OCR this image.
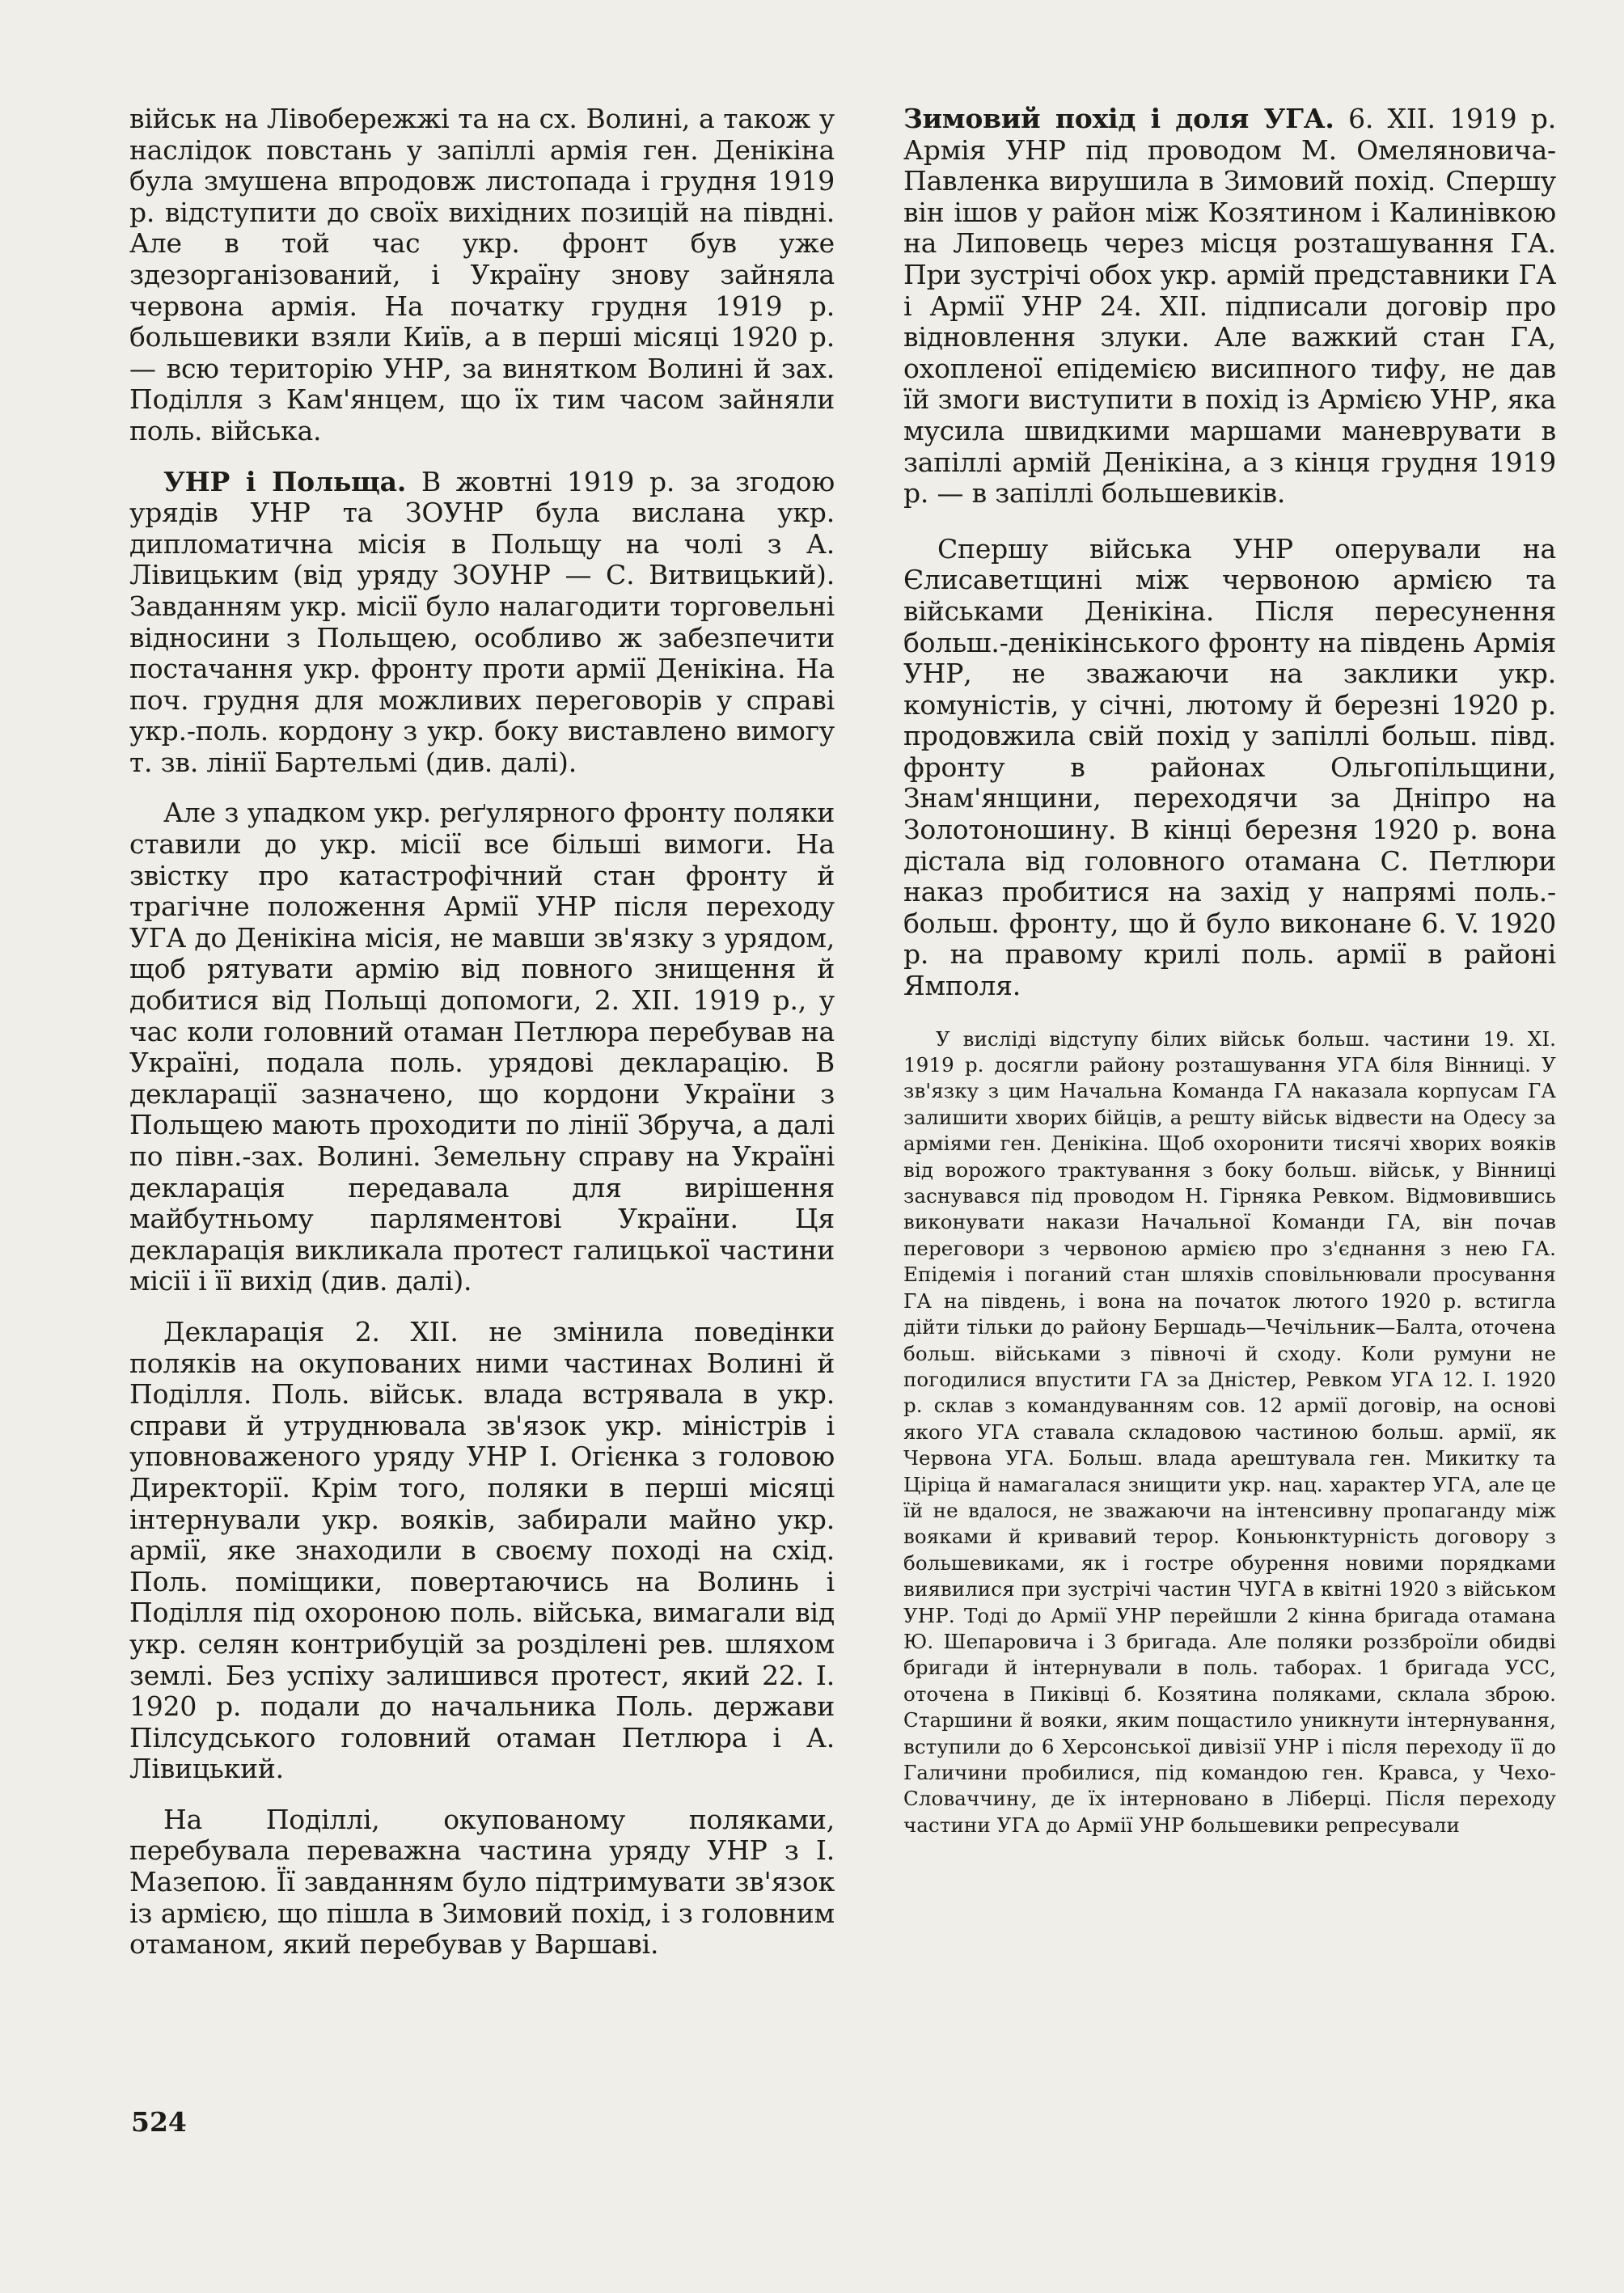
військ на Лівобережжі та на сх. Волині, а також у наслідок повстань у запіллі армія ген. Денікіна була змушена впродовж листопада і грудня 1919 р. відступити до своїх вихідних позицій на півдні. Але в той час укр. фронт був уже здезорганізований, і Україну знову зайняла червона армія. На початку грудня 1919 р. большевики взяли Київ, а в перші місяці 1920 р. — всю територію УНР, за винятком Волині й зах. Поділля з Кам'янцем, що їх тим часом зайняли поль. війська.

УНР і Польща. В жовтні 1919 р. за згодою урядів УНР та ЗОУНР була вислана укр. дипломатична місія в Польщу на чолі з А. Лівицьким (від уряду ЗОУНР — С. Витвицький). Завданням укр. місії було налагодити торговельні відносини з Польщею, особливо ж забезпечити постачання укр. фронту проти армії Денікіна. На поч. грудня для можливих переговорів у справі укр.-поль. кордону з укр. боку виставлено вимогу т. зв. лінії Бартельмі (див. далі).

Але з упадком укр. реґулярного фронту поляки ставили до укр. місії все більші вимоги. На звістку про катастрофічний стан фронту й трагічне положення Армії УНР після переходу УГА до Денікіна місія, не мавши зв'язку з урядом, щоб рятувати армію від повного знищення й добитися від Польщі допомоги, 2. XII. 1919 р., у час коли головний отаман Петлюра перебував на Україні, подала поль. урядові декларацію. В декларації зазначено, що кордони України з Польщею мають проходити по лінії Збруча, а далі по півн.-зах. Волині. Земельну справу на Україні декларація передавала для вирішення майбутньому парляментові України. Ця декларація викликала протест галицької частини місії і її вихід (див. далі).

Декларація 2. XII. не змінила поведінки поляків на окупованих ними частинах Волині й Поділля. Поль. військ. влада встрявала в укр. справи й утруднювала зв'язок укр. міністрів і уповноваженого уряду УНР І. Огієнка з головою Директорії. Крім того, поляки в перші місяці інтернували укр. вояків, забирали майно укр. армії, яке знаходили в своєму поході на схід. Поль. поміщики, повертаючись на Волинь і Поділля під охороною поль. війська, вимагали від укр. селян контрибуцій за розділені рев. шляхом землі. Без успіху залишився протест, який 22. І. 1920 р. подали до начальника Поль. держави Пілсудського головний отаман Петлюра і А. Лівицький.

На Поділлі, окупованому поляками, перебувала переважна частина уряду УНР з І. Мазепою. Її завданням було підтримувати зв'язок із армією, що пішла в Зимовий похід, і з головним отаманом, який перебував у Варшаві.

Зимовий похід і доля УГА. 6. XII. 1919 р. Армія УНР під проводом М. Омеляновича-Павленка вирушила в Зимовий похід. Спершу він ішов у район між Козятином і Калинівкою на Липовець через місця розташування ГА. При зустрічі обох укр. армій представники ГА і Армії УНР 24. XII. підписали договір про відновлення злуки. Але важкий стан ГА, охопленої епідемією висипного тифу, не дав їй змоги виступити в похід із Армією УНР, яка мусила швидкими маршами маневрувати в запіллі армій Денікіна, а з кінця грудня 1919 р. — в запіллі большевиків.

Спершу війська УНР оперували на Єлисаветщині між червоною армією та військами Денікіна. Після пересунення больш.-денікінського фронту на південь Армія УНР, не зважаючи на заклики укр. комуністів, у січні, лютому й березні 1920 р. продовжила свій похід у запіллі больш. півд. фронту в районах Ольгопільщини, Знам'янщини, переходячи за Дніпро на Золотоношину. В кінці березня 1920 р. вона дістала від головного отамана С. Петлюри наказ пробитися на захід у напрямі поль.-больш. фронту, що й було виконане 6. V. 1920 р. на правому крилі поль. армії в районі Ямполя.

У висліді відступу білих військ больш. частини 19. XI. 1919 р. досягли району розташування УГА біля Вінниці. У зв'язку з цим Начальна Команда ГА наказала корпусам ГА залишити хворих бійців, а решту військ відвести на Одесу за арміями ген. Денікіна. Щоб охоронити тисячі хворих вояків від ворожого трактування з боку больш. військ, у Вінниці заснувався під проводом Н. Гірняка Ревком. Відмовившись виконувати накази Начальної Команди ГА, він почав переговори з червоною армією про з'єднання з нею ГА. Епідемія і поганий стан шляхів сповільнювали просування ГА на південь, і вона на початок лютого 1920 р. встигла дійти тільки до району Бершадь—Чечільник—Балта, оточена больш. військами з півночі й сходу. Коли румуни не погодилися впустити ГА за Дністер, Ревком УГА 12. І. 1920 р. склав з командуванням сов. 12 армії договір, на основі якого УГА ставала складовою частиною больш. армії, як Червона УГА. Больш. влада арештувала ген. Микитку та Ціріца й намагалася знищити укр. нац. характер УГА, але це їй не вдалося, не зважаючи на інтенсивну пропаганду між вояками й кривавий терор. Коньюнктурність договору з большевиками, як і гостре обурення новими порядками виявилися при зустрічі частин ЧУГА в квітні 1920 з військом УНР. Тоді до Армії УНР перейшли 2 кінна бригада отамана Ю. Шепаровича і 3 бригада. Але поляки роззброїли обидві бригади й інтернували в поль. таборах. 1 бригада УСС, оточена в Пиківці б. Козятина поляками, склала зброю. Старшини й вояки, яким пощастило уникнути інтернування, вступили до 6 Херсонської дивізії УНР і після переходу її до Галичини пробилися, під командою ген. Кравса, у Чехо-Словаччину, де їх інтерновано в Ліберці. Після переходу частини УГА до Армії УНР большевики репресували

524
